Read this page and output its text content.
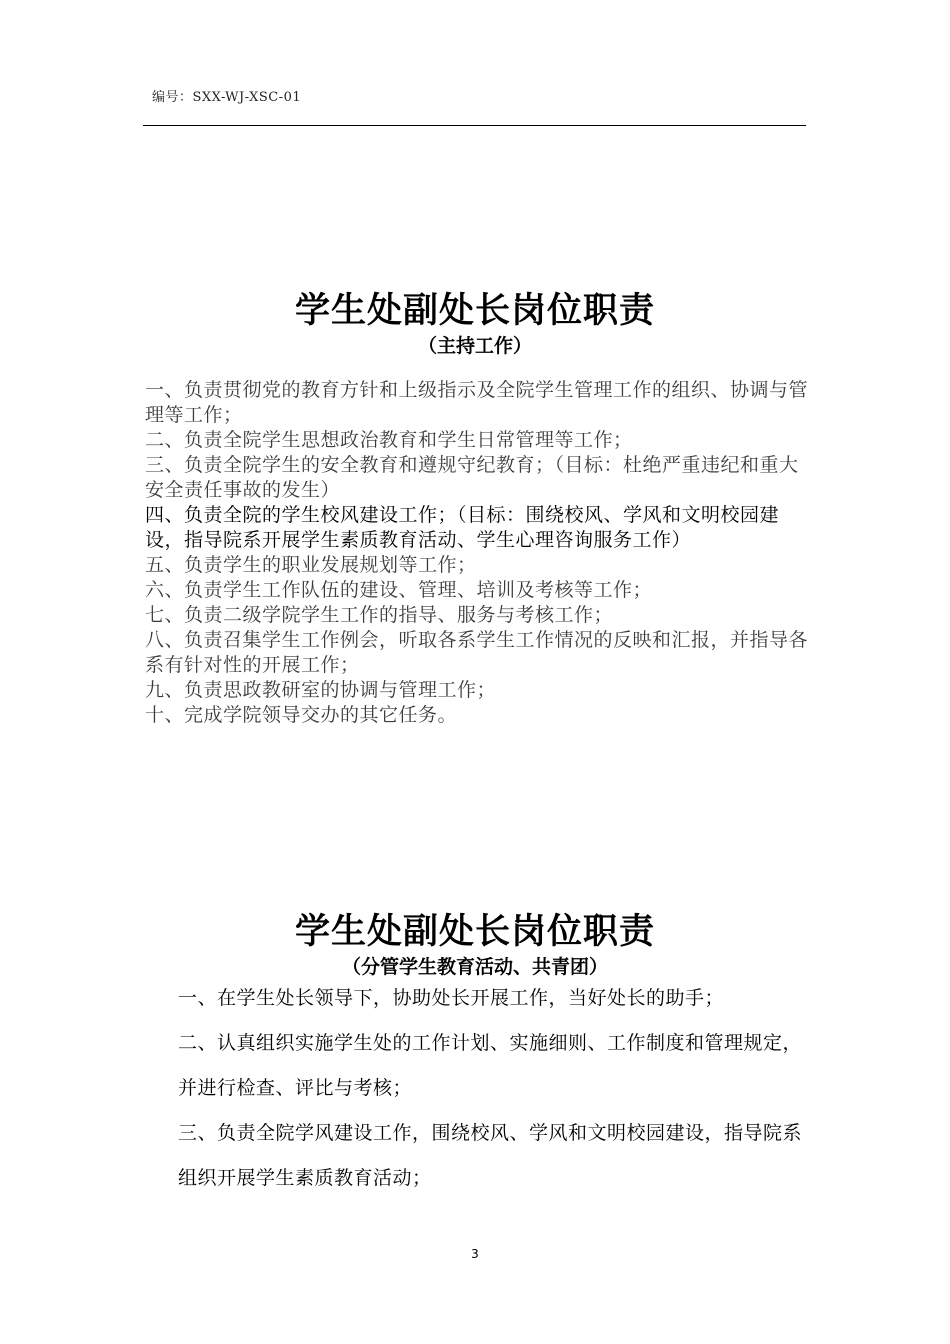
编号：SXX-WJ-XSC-01
学生处副处长岗位职责
（主持工作）
一、负责贯彻党的教育方针和上级指示及全院学生管理工作的组织、协调与管理等工作；
二、负责全院学生思想政治教育和学生日常管理等工作；
三、负责全院学生的安全教育和遵规守纪教育；（目标：杜绝严重违纪和重大安全责任事故的发生）
四、负责全院的学生校风建设工作；（目标：围绕校风、学风和文明校园建设，指导院系开展学生素质教育活动、学生心理咨询服务工作）
五、负责学生的职业发展规划等工作；
六、负责学生工作队伍的建设、管理、培训及考核等工作；
七、负责二级学院学生工作的指导、服务与考核工作；
八、负责召集学生工作例会，听取各系学生工作情况的反映和汇报，并指导各系有针对性的开展工作；
九、负责思政教研室的协调与管理工作；
十、完成学院领导交办的其它任务。
学生处副处长岗位职责
（分管学生教育活动、共青团）
一、在学生处长领导下，协助处长开展工作，当好处长的助手；
二、认真组织实施学生处的工作计划、实施细则、工作制度和管理规定，并进行检查、评比与考核；
三、负责全院学风建设工作，围绕校风、学风和文明校园建设，指导院系组织开展学生素质教育活动；
3
